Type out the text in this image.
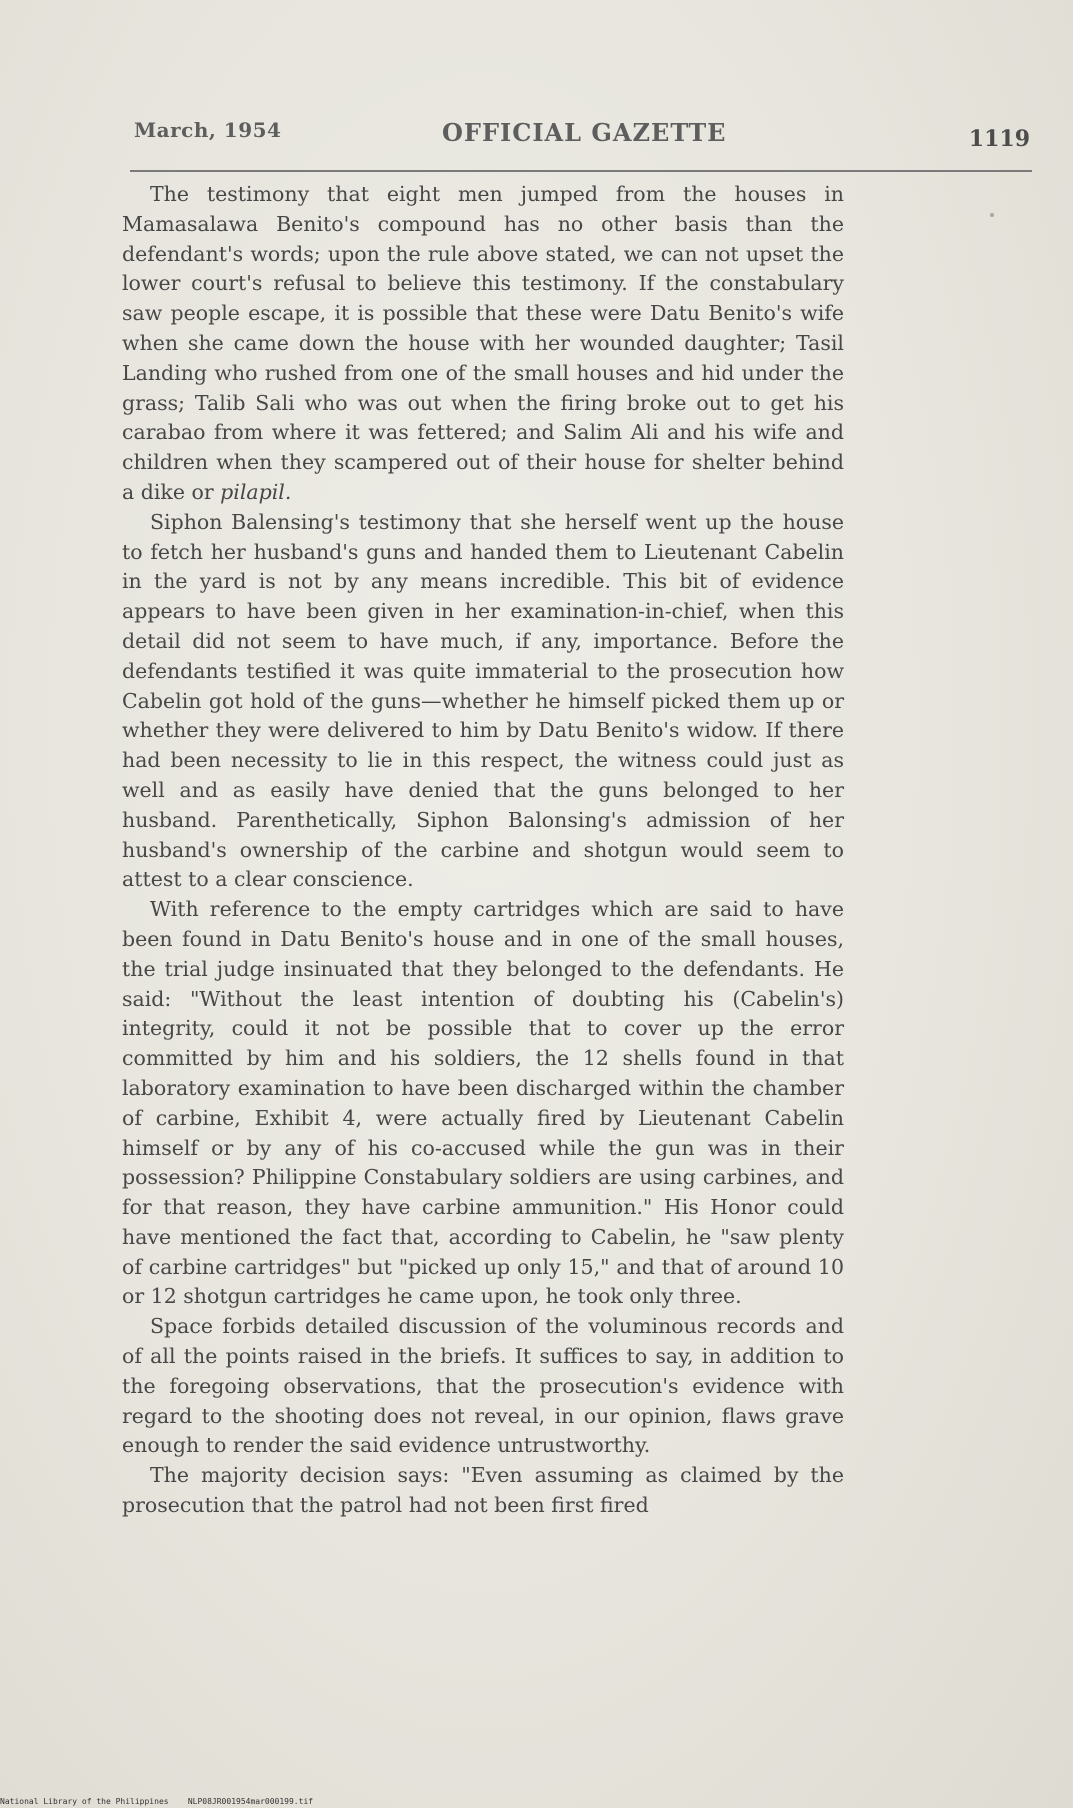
March, 1954	OFFICIAL GAZETTE	1119

The testimony that eight men jumped from the houses in Mamasalawa Benito's compound has no other basis than the defendant's words; upon the rule above stated, we can not upset the lower court's refusal to believe this testimony. If the constabulary saw people escape, it is possible that these were Datu Benito's wife when she came down the house with her wounded daughter; Tasil Landing who rushed from one of the small houses and hid under the grass; Talib Sali who was out when the firing broke out to get his carabao from where it was fettered; and Salim Ali and his wife and children when they scampered out of their house for shelter behind a dike or pilapil.

Siphon Balensing's testimony that she herself went up the house to fetch her husband's guns and handed them to Lieutenant Cabelin in the yard is not by any means incredible. This bit of evidence appears to have been given in her examination-in-chief, when this detail did not seem to have much, if any, importance. Before the defendants testified it was quite immaterial to the prosecution how Cabelin got hold of the guns—whether he himself picked them up or whether they were delivered to him by Datu Benito's widow. If there had been necessity to lie in this respect, the witness could just as well and as easily have denied that the guns belonged to her husband. Parenthetically, Siphon Balonsing's admission of her husband's ownership of the carbine and shotgun would seem to attest to a clear conscience.

With reference to the empty cartridges which are said to have been found in Datu Benito's house and in one of the small houses, the trial judge insinuated that they belonged to the defendants. He said: "Without the least intention of doubting his (Cabelin's) integrity, could it not be possible that to cover up the error committed by him and his soldiers, the 12 shells found in that laboratory examination to have been discharged within the chamber of carbine, Exhibit 4, were actually fired by Lieutenant Cabelin himself or by any of his co-accused while the gun was in their possession? Philippine Constabulary soldiers are using carbines, and for that reason, they have carbine ammunition." His Honor could have mentioned the fact that, according to Cabelin, he "saw plenty of carbine cartridges" but "picked up only 15," and that of around 10 or 12 shotgun cartridges he came upon, he took only three.

Space forbids detailed discussion of the voluminous records and of all the points raised in the briefs. It suffices to say, in addition to the foregoing observations, that the prosecution's evidence with regard to the shooting does not reveal, in our opinion, flaws grave enough to render the said evidence untrustworthy.

The majority decision says: "Even assuming as claimed by the prosecution that the patrol had not been first fired

National Library of the Philippines NLP08JR001954mar000199.tif
